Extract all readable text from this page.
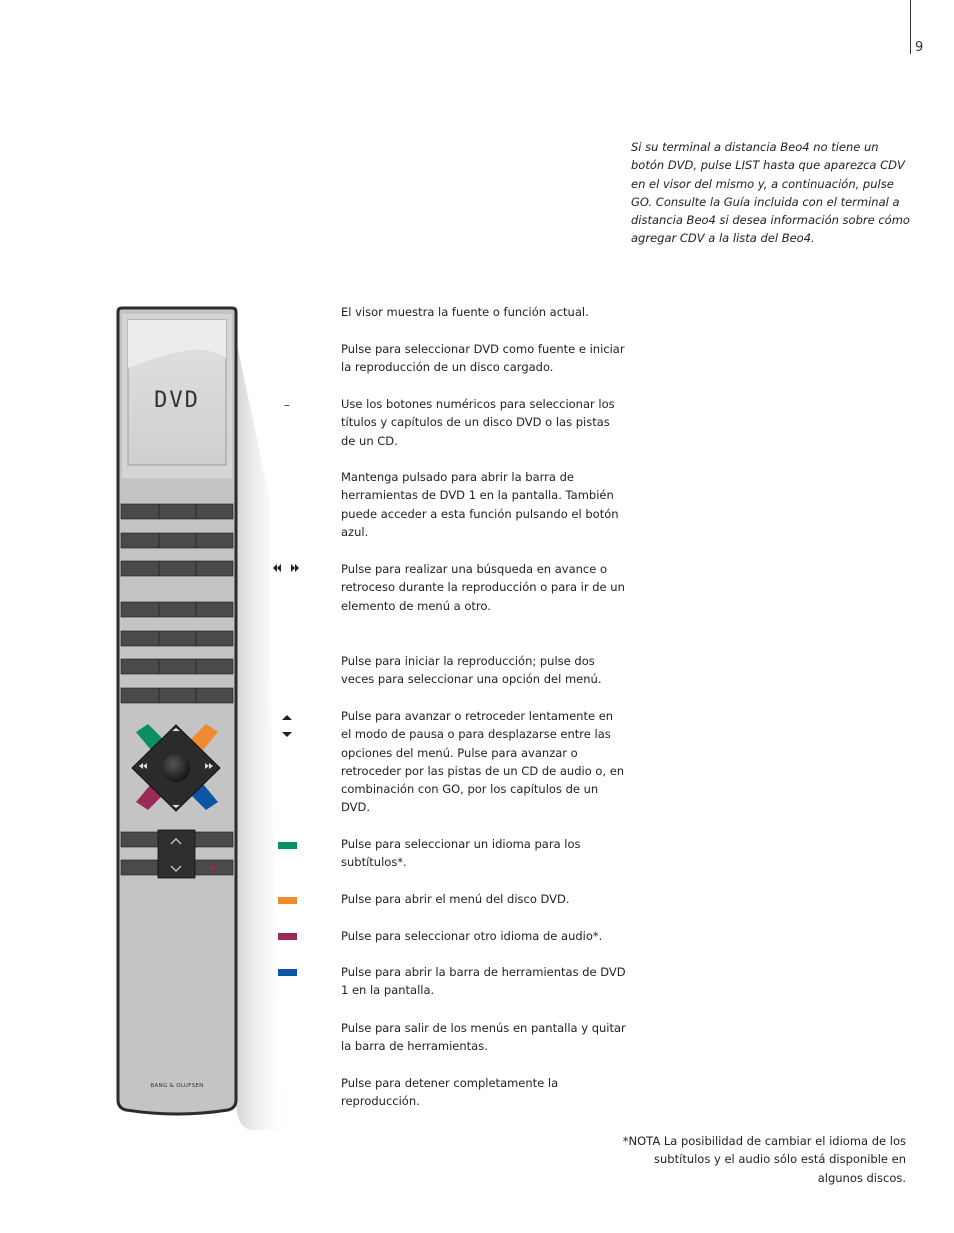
9
Si su terminal a distancia Beo4 no tiene un botón DVD, pulse LIST hasta que aparezca CDV en el visor del mismo y, a continuación, pulse GO. Consulte la Guía incluida con el terminal a distancia Beo4 si desea información sobre cómo agregar CDV a la lista del Beo4.
DVD
BANG & OLUFSEN
–
El visor muestra la fuente o función actual.
Pulse para seleccionar DVD como fuente e iniciar la reproducción de un disco cargado.
Use los botones numéricos para seleccionar los títulos y capítulos de un disco DVD o las pistas de un CD.
Mantenga pulsado para abrir la barra de herramientas de DVD 1 en la pantalla. También puede acceder a esta función pulsando el botón azul.
Pulse para realizar una búsqueda en avance o retroceso durante la reproducción o para ir de un elemento de menú a otro.
Pulse para iniciar la reproducción; pulse dos veces para seleccionar una opción del menú.
Pulse para avanzar o retroceder lentamente en el modo de pausa o para desplazarse entre las opciones del menú. Pulse para avanzar o retroceder por las pistas de un CD de audio o, en combinación con GO, por los capítulos de un DVD.
Pulse para seleccionar un idioma para los subtítulos*.
Pulse para abrir el menú del disco DVD.
Pulse para seleccionar otro idioma de audio*.
Pulse para abrir la barra de herramientas de DVD 1 en la pantalla.
Pulse para salir de los menús en pantalla y quitar la barra de herramientas.
Pulse para detener completamente la reproducción.
*NOTA La posibilidad de cambiar el idioma de los subtítulos y el audio sólo está disponible en algunos discos.
